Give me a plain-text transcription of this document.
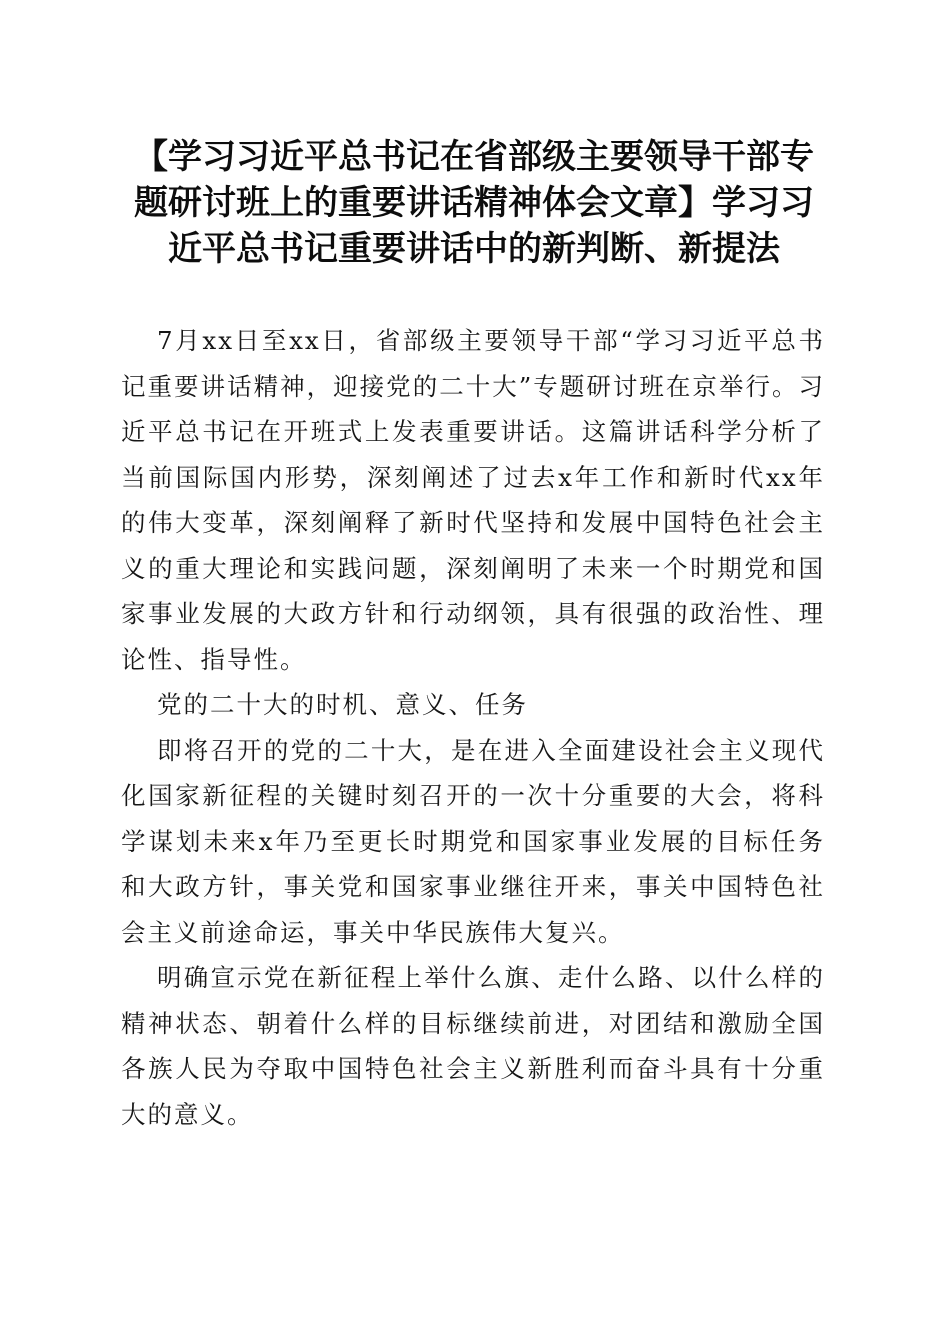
【学习习近平总书记在省部级主要领导干部专题研讨班上的重要讲话精神体会文章】学习习近平总书记重要讲话中的新判断、新提法

7月xx日至xx日，省部级主要领导干部“学习习近平总书记重要讲话精神，迎接党的二十大”专题研讨班在京举行。习近平总书记在开班式上发表重要讲话。这篇讲话科学分析了当前国际国内形势，深刻阐述了过去x年工作和新时代xx年的伟大变革，深刻阐释了新时代坚持和发展中国特色社会主义的重大理论和实践问题，深刻阐明了未来一个时期党和国家事业发展的大政方针和行动纲领，具有很强的政治性、理论性、指导性。

党的二十大的时机、意义、任务

即将召开的党的二十大，是在进入全面建设社会主义现代化国家新征程的关键时刻召开的一次十分重要的大会，将科学谋划未来x年乃至更长时期党和国家事业发展的目标任务和大政方针，事关党和国家事业继往开来，事关中国特色社会主义前途命运，事关中华民族伟大复兴。

明确宣示党在新征程上举什么旗、走什么路、以什么样的精神状态、朝着什么样的目标继续前进，对团结和激励全国各族人民为夺取中国特色社会主义新胜利而奋斗具有十分重大的意义。
